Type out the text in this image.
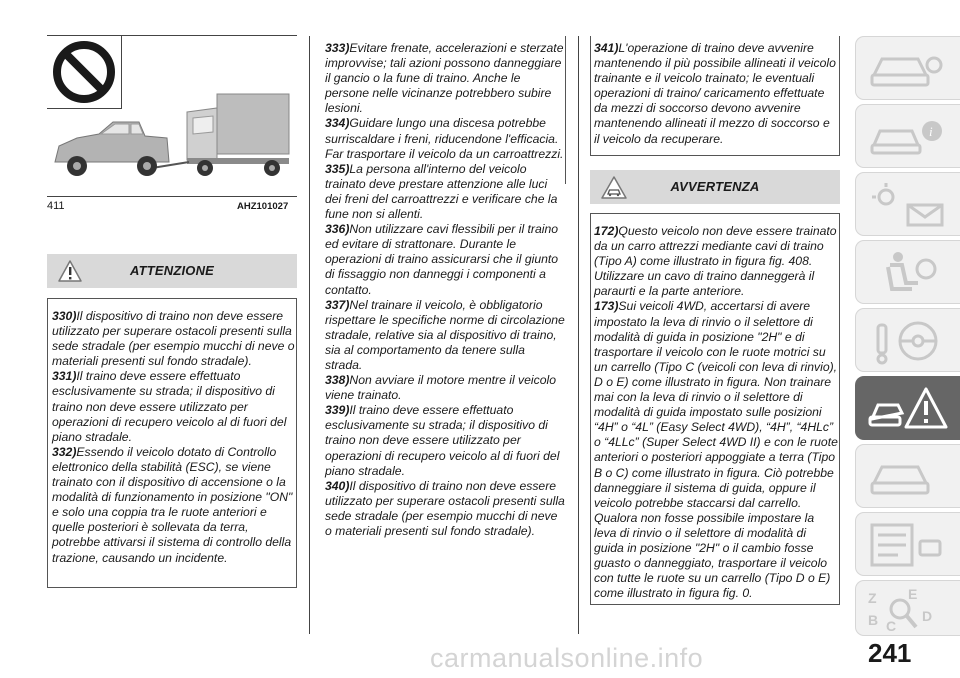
411	AHZ101027
ATTENZIONE

330)Il dispositivo di traino non deve essere utilizzato per superare ostacoli presenti sulla sede stradale (per esempio mucchi di neve o materiali presenti sul fondo stradale).

331)Il traino deve essere effettuato esclusivamente su strada; il dispositivo di traino non deve essere utilizzato per operazioni di recupero veicolo al di fuori del piano stradale.

332)Essendo il veicolo dotato di Controllo elettronico della stabilità (ESC), se viene trainato con il dispositivo di accensione o la modalità di funzionamento in posizione "ON" e solo una coppia tra le ruote anteriori e quelle posteriori è sollevata da terra, potrebbe attivarsi il sistema di controllo della trazione, causando un incidente.

333)Evitare frenate, accelerazioni e sterzate improvvise; tali azioni possono danneggiare il gancio o la fune di traino. Anche le persone nelle vicinanze potrebbero subire lesioni.

334)Guidare lungo una discesa potrebbe surriscaldare i freni, riducendone l'efficacia. Far trasportare il veicolo da un carroattrezzi.

335)La persona all'interno del veicolo trainato deve prestare attenzione alle luci dei freni del carroattrezzi e verificare che la fune non si allenti.

336)Non utilizzare cavi flessibili per il traino ed evitare di strattonare. Durante le operazioni di traino assicurarsi che il giunto di fissaggio non danneggi i componenti a contatto.

337)Nel trainare il veicolo, è obbligatorio rispettare le specifiche norme di circolazione stradale, relative sia al dispositivo di traino, sia al comportamento da tenere sulla strada.

338)Non avviare il motore mentre il veicolo viene trainato.

339)Il traino deve essere effettuato esclusivamente su strada; il dispositivo di traino non deve essere utilizzato per operazioni di recupero veicolo al di fuori del piano stradale.

340)Il dispositivo di traino non deve essere utilizzato per superare ostacoli presenti sulla sede stradale (per esempio mucchi di neve o materiali presenti sul fondo stradale).

341)L'operazione di traino deve avvenire mantenendo il più possibile allineati il veicolo trainante e il veicolo trainato; le eventuali operazioni di traino/ caricamento effettuate da mezzi di soccorso devono avvenire mantenendo allineati il mezzo di soccorso e il veicolo da recuperare.

AVVERTENZA

172)Questo veicolo non deve essere trainato da un carro attrezzi mediante cavi di traino (Tipo A) come illustrato in figura fig. 408. Utilizzare un cavo di traino danneggerà il paraurti e la parte anteriore.

173)Sui veicoli 4WD, accertarsi di avere impostato la leva di rinvio o il selettore di modalità di guida in posizione "2H" e di trasportare il veicolo con le ruote motrici su un carrello (Tipo C (veicoli con leva di rinvio), D o E) come illustrato in figura. Non trainare mai con la leva di rinvio o il selettore di modalità di guida impostato sulle posizioni “4H” o “4L” (Easy Select 4WD), “4H”, “4HLc” o “4LLc” (Super Select 4WD II) e con le ruote anteriori o posteriori appoggiate a terra (Tipo B o C) come illustrato in figura. Ciò potrebbe danneggiare il sistema di guida, oppure il veicolo potrebbe staccarsi dal carrello. Qualora non fosse possibile impostare la leva di rinvio o il selettore di modalità di guida in posizione "2H" o il cambio fosse guasto o danneggiato, trasportare il veicolo con tutte le ruote su un carrello (Tipo D o E) come illustrato in figura fig. 0.

i
Z E
B C
D
241
carmanualsonline.info
